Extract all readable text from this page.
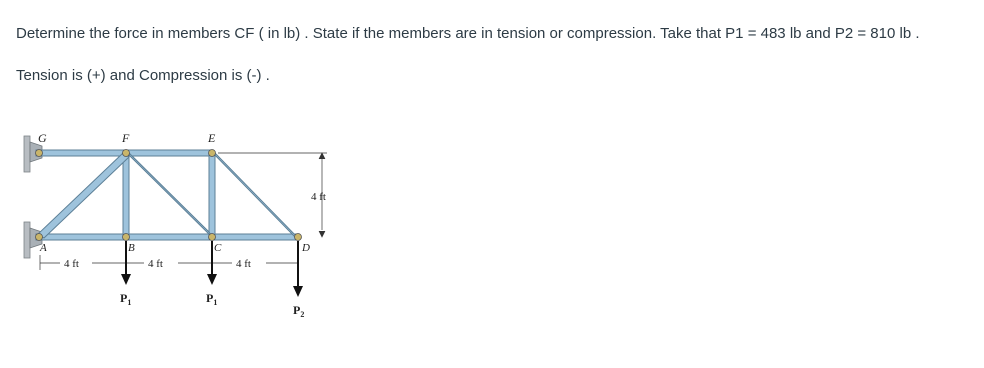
Determine the force in members CF ( in lb) . State if the members are in tension or compression. Take that P1 = 483 lb and P2 = 810 lb .

Tension is (+) and Compression is (-) .

G	F	E
A	B	C	D
4 ft
4 ft	4 ft	4 ft
$P_1$	$P_1$
$P_2$
